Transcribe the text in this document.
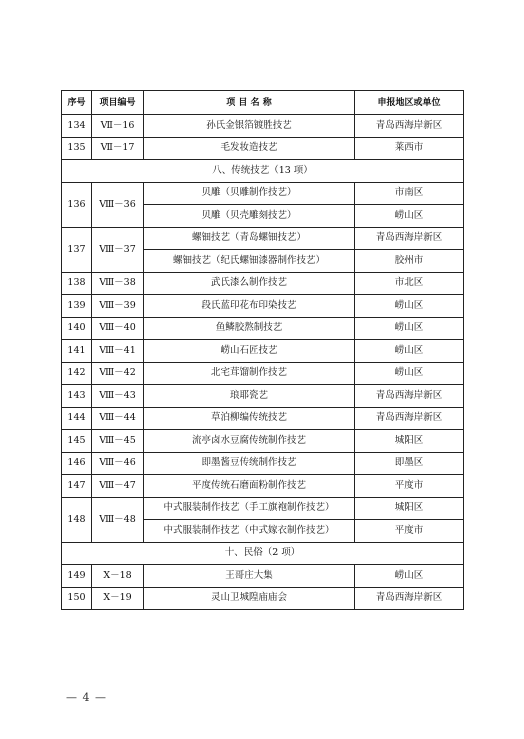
序号	项目编号	项 目 名 称	申报地区或单位
134	Ⅶ－16	孙氏金银箔镀胜技艺	青岛西海岸新区
135	Ⅶ－17	毛发妆造技艺	莱西市
八、传统技艺（13 项）			
136	Ⅷ－36	贝雕（贝雕制作技艺）	市南区
		贝雕（贝壳雕刻技艺）	崂山区
137	Ⅷ－37	螺钿技艺（青岛螺钿技艺）	青岛西海岸新区
		螺钿技艺（纪氏螺钿漆器制作技艺）	胶州市
138	Ⅷ－38	武氏漆么制作技艺	市北区
139	Ⅷ－39	段氏蓝印花布印染技艺	崂山区
140	Ⅷ－40	鱼鳞胶熬制技艺	崂山区
141	Ⅷ－41	崂山石匠技艺	崂山区
142	Ⅷ－42	北宅茸馏制作技艺	崂山区
143	Ⅷ－43	琅耶瓷艺	青岛西海岸新区
144	Ⅷ－44	草泊柳编传统技艺	青岛西海岸新区
145	Ⅷ－45	流亭卤水豆腐传统制作技艺	城阳区
146	Ⅷ－46	即墨酱豆传统制作技艺	即墨区
147	Ⅷ－47	平度传统石磨面粉制作技艺	平度市
148	Ⅷ－48	中式服装制作技艺（手工旗袍制作技艺）	城阳区
		中式服装制作技艺（中式嫁衣制作技艺）	平度市
十、民俗（2 项）			
149	Ⅹ－18	王哥庄大集	崂山区
150	Ⅹ－19	灵山卫城隍庙庙会	青岛西海岸新区
— 4 —
